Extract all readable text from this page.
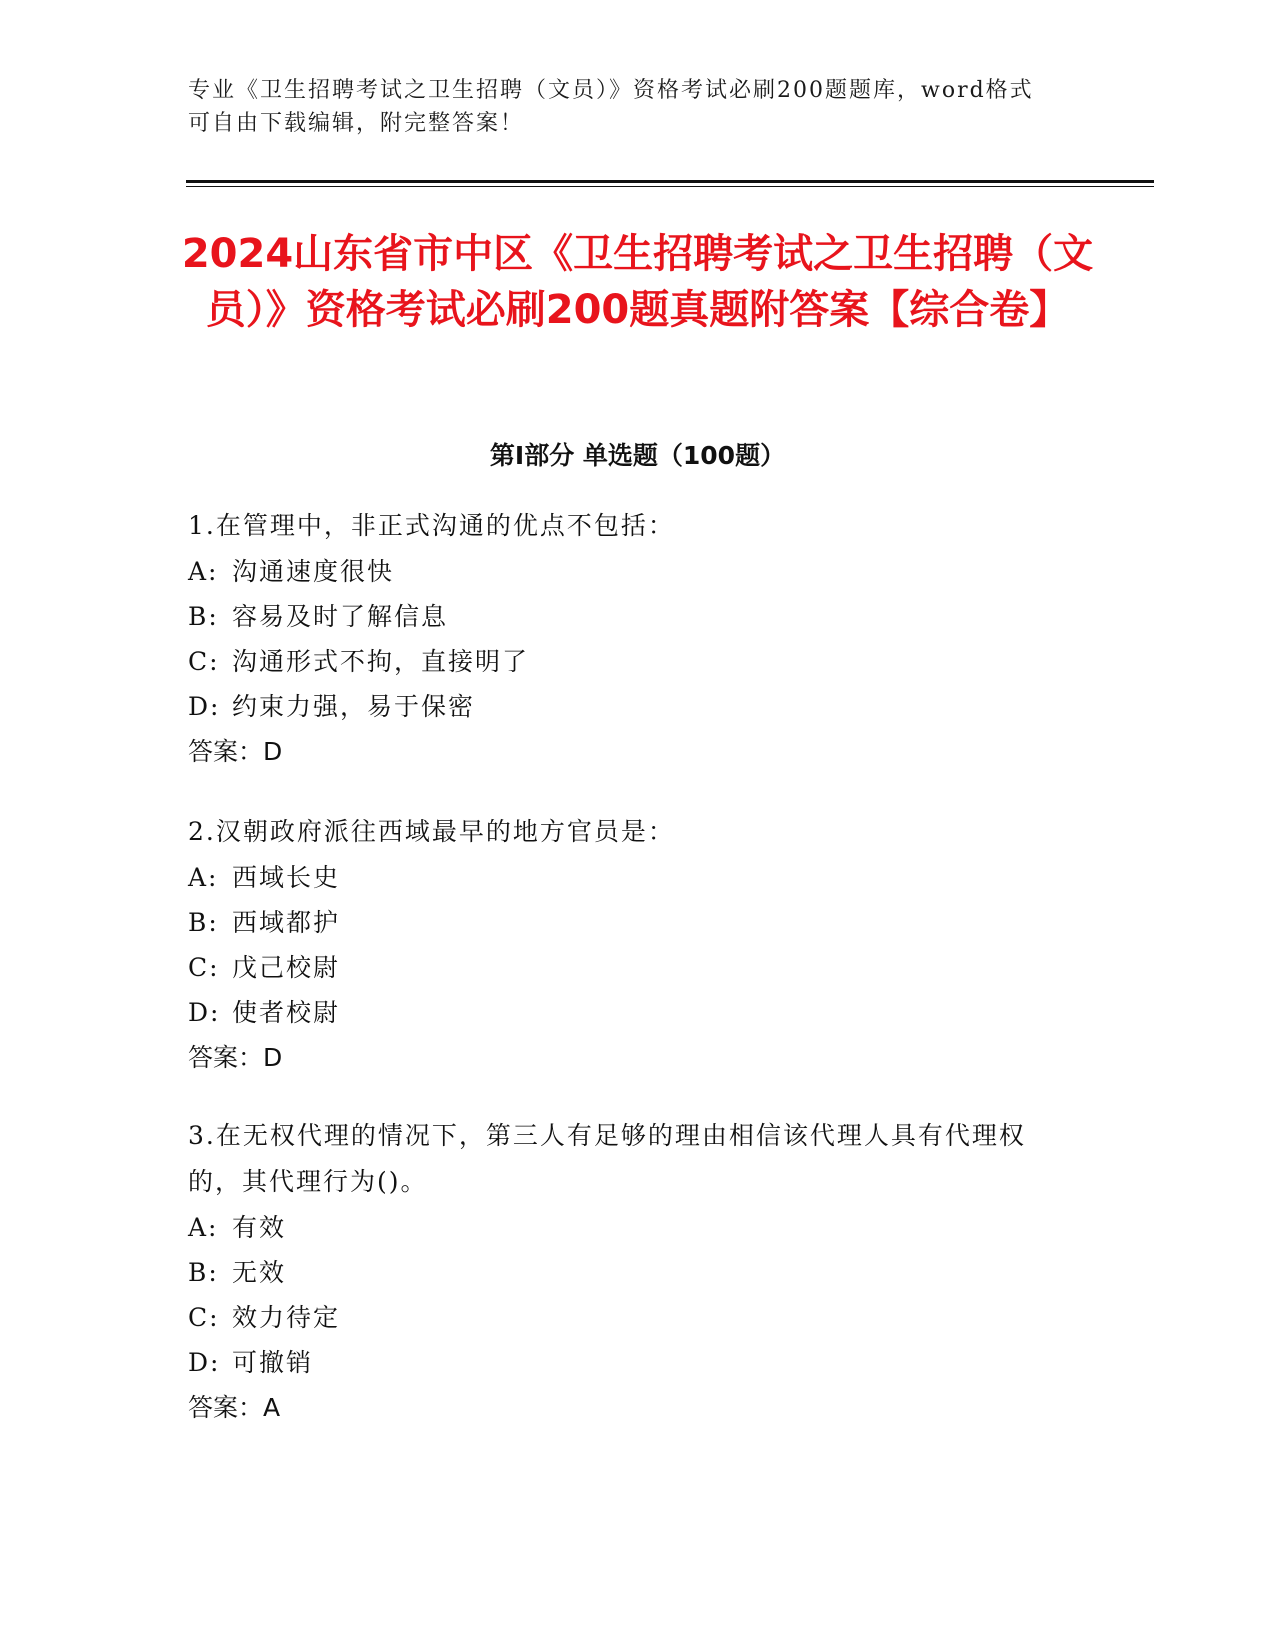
专业《卫生招聘考试之卫生招聘（文员）》资格考试必刷200题题库，word格式
可自由下载编辑，附完整答案！
2024山东省市中区《卫生招聘考试之卫生招聘（文员）》资格考试必刷200题真题附答案【综合卷】
第Ⅰ部分 单选题（100题）

1.在管理中，非正式沟通的优点不包括：

A: 沟通速度很快

B: 容易及时了解信息

C: 沟通形式不拘，直接明了

D: 约束力强，易于保密

答案：D

2.汉朝政府派往西域最早的地方官员是：

A: 西域长史

B: 西域都护

C: 戊己校尉

D: 使者校尉

答案：D

3.在无权代理的情况下，第三人有足够的理由相信该代理人具有代理权的，其代理行为()。

A: 有效

B: 无效

C: 效力待定

D: 可撤销

答案：A
